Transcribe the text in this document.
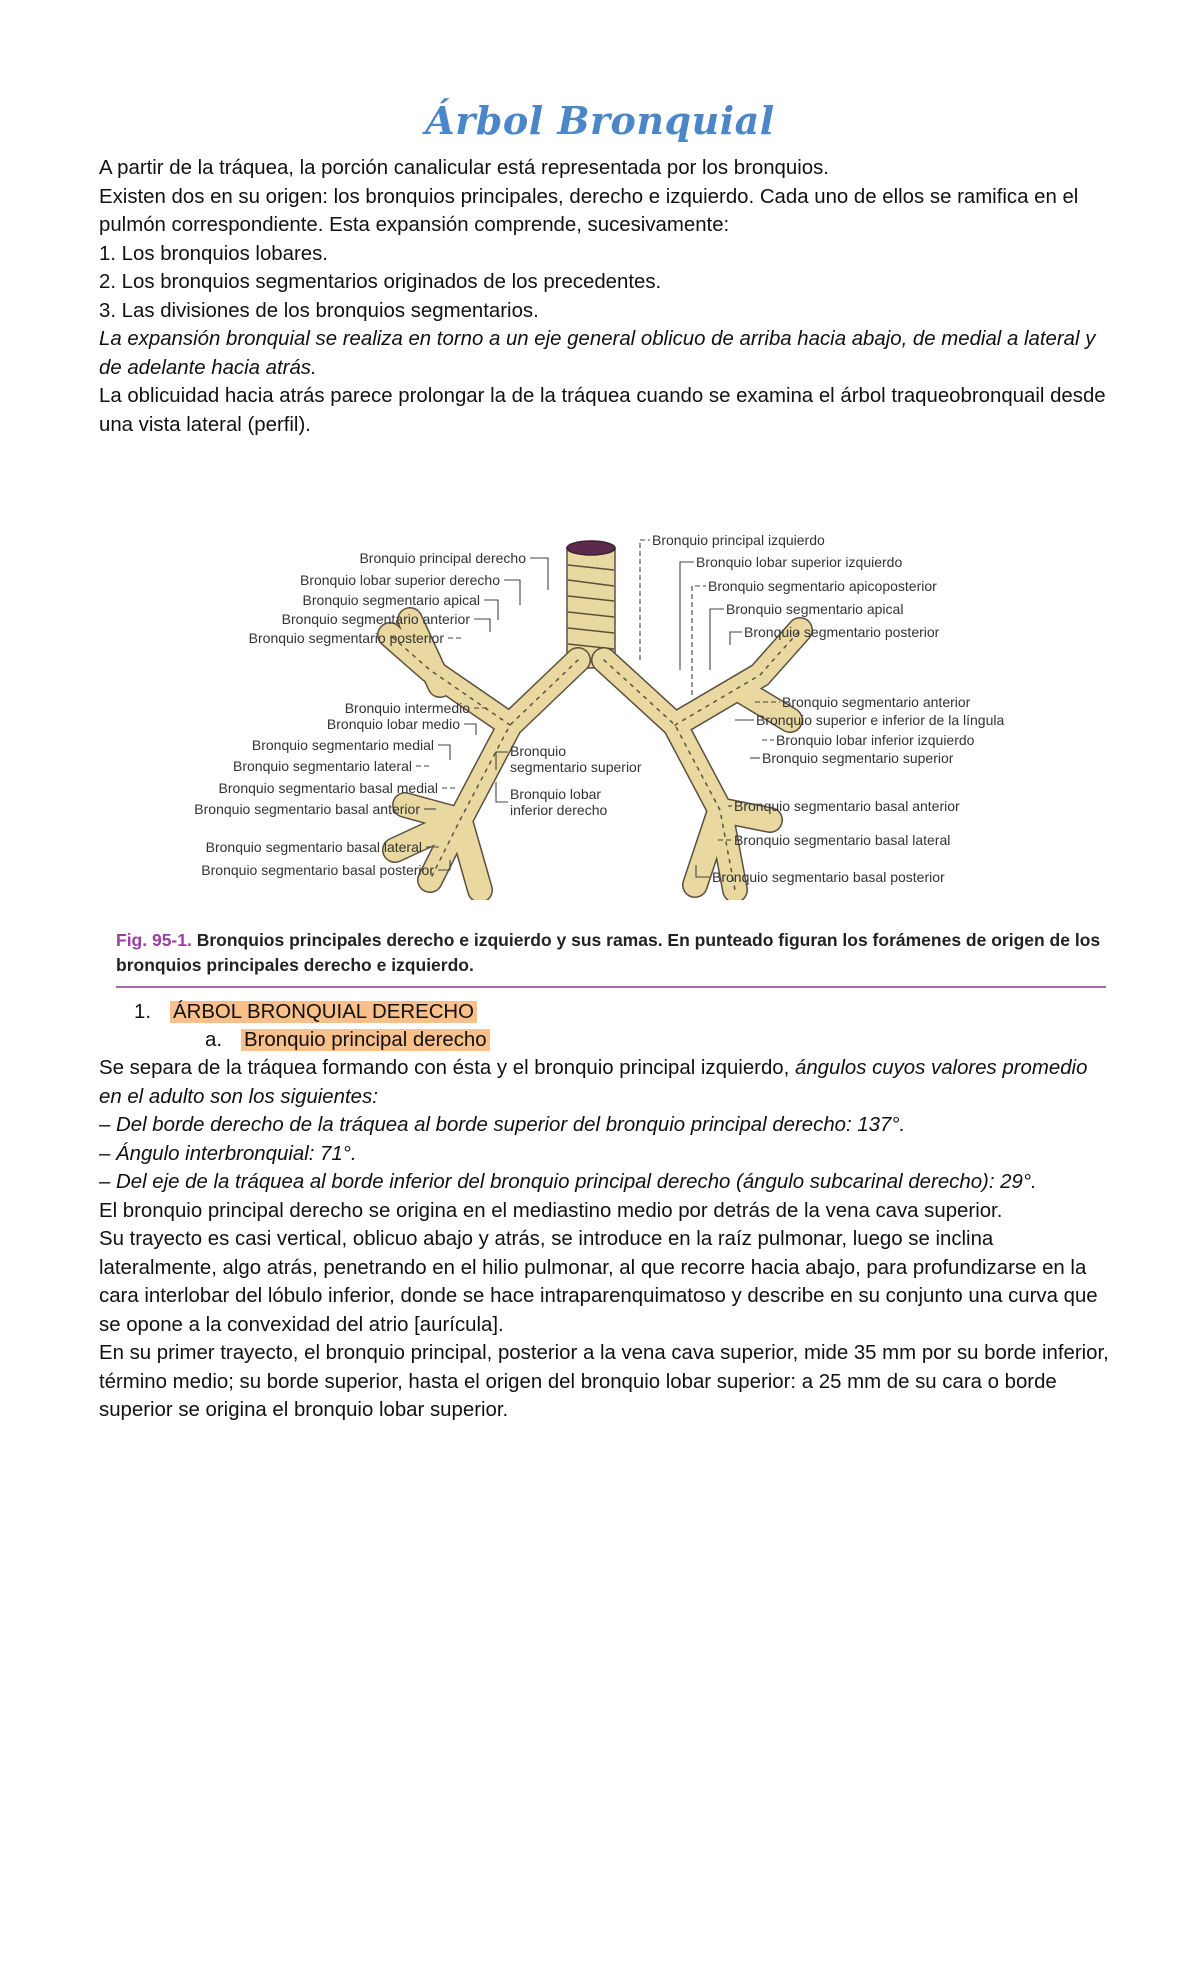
Árbol Bronquial

A partir de la tráquea, la porción canalicular está representada por los bronquios.

Existen dos en su origen: los bronquios principales, derecho e izquierdo. Cada uno de ellos se ramifica en el pulmón correspondiente. Esta expansión comprende, sucesivamente:

1. Los bronquios lobares.

2. Los bronquios segmentarios originados de los precedentes.

3. Las divisiones de los bronquios segmentarios.

La expansión bronquial se realiza en torno a un eje general oblicuo de arriba hacia abajo, de medial a lateral y de adelante hacia atrás.

La oblicuidad hacia atrás parece prolongar la de la tráquea cuando se examina el árbol traqueobronquail desde una vista lateral (perfil).

Bronquio principal derecho
Bronquio lobar superior derecho
Bronquio segmentario apical
Bronquio segmentario anterior
Bronquio segmentario posterior
Bronquio intermedio
Bronquio lobar medio
Bronquio segmentario medial
Bronquio segmentario lateral
Bronquio segmentario basal medial
Bronquio segmentario basal anterior
Bronquio segmentario basal lateral
Bronquio segmentario basal posterior
Bronquio
segmentario superior
Bronquio lobar
inferior derecho
Bronquio principal izquierdo
Bronquio lobar superior izquierdo
Bronquio segmentario apicoposterior
Bronquio segmentario apical
Bronquio segmentario posterior
Bronquio segmentario anterior
Bronquio superior e inferior de la língula
Bronquio lobar inferior izquierdo
Bronquio segmentario superior
Bronquio segmentario basal anterior
Bronquio segmentario basal lateral
Bronquio segmentario basal posterior

Fig. 95-1. Bronquios principales derecho e izquierdo y sus ramas. En punteado figuran los forámenes de origen de los bronquios principales derecho e izquierdo.

1. ÁRBOL BRONQUIAL DERECHO
a. Bronquio principal derecho

Se separa de la tráquea formando con ésta y el bronquio principal izquierdo, ángulos cuyos valores promedio en el adulto son los siguientes:

– Del borde derecho de la tráquea al borde superior del bronquio principal derecho: 137°.

– Ángulo interbronquial: 71°.

– Del eje de la tráquea al borde inferior del bronquio principal derecho (ángulo subcarinal derecho): 29°.

El bronquio principal derecho se origina en el mediastino medio por detrás de la vena cava superior.

Su trayecto es casi vertical, oblicuo abajo y atrás, se introduce en la raíz pulmonar, luego se inclina lateralmente, algo atrás, penetrando en el hilio pulmonar, al que recorre hacia abajo, para profundizarse en la cara interlobar del lóbulo inferior, donde se hace intraparenquimatoso y describe en su conjunto una curva que se opone a la convexidad del atrio [aurícula].

En su primer trayecto, el bronquio principal, posterior a la vena cava superior, mide 35 mm por su borde inferior, término medio; su borde superior, hasta el origen del bronquio lobar superior: a 25 mm de su cara o borde superior se origina el bronquio lobar superior.
